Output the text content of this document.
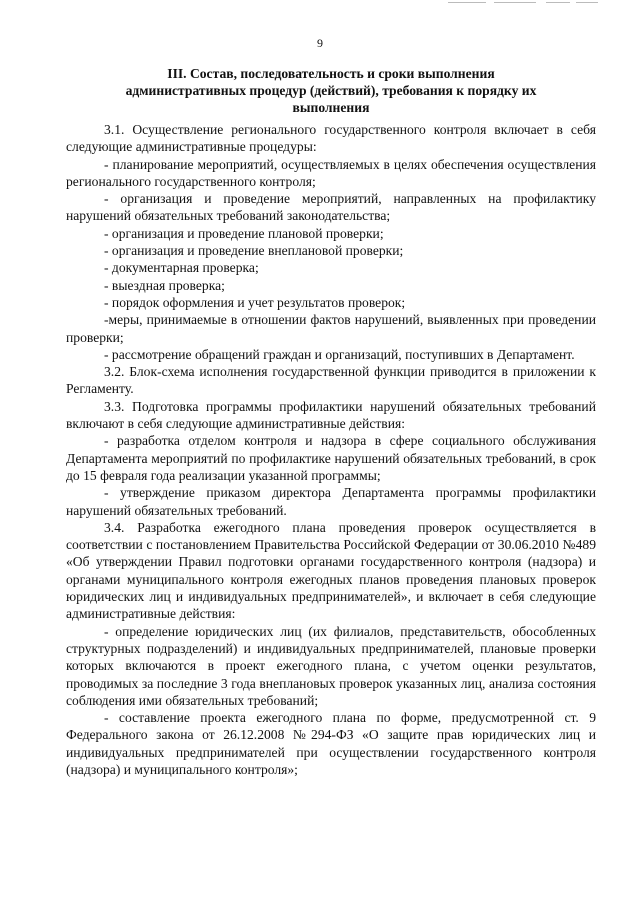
9
III. Состав, последовательность и сроки выполнения
административных процедур (действий), требования к порядку их
выполнения

3.1. Осуществление регионального государственного контроля включает в себя следующие административные процедуры:

- планирование мероприятий, осуществляемых в целях обеспечения осуществления регионального государственного контроля;

- организация и проведение мероприятий, направленных на профилактику нарушений обязательных требований законодательства;

- организация и проведение плановой проверки;

- организация и проведение внеплановой проверки;

- документарная проверка;

- выездная проверка;

- порядок оформления и учет результатов проверок;

-меры, принимаемые в отношении фактов нарушений, выявленных при проведении проверки;

- рассмотрение обращений граждан и организаций, поступивших в Департамент.

3.2. Блок-схема исполнения государственной функции приводится в приложении к Регламенту.

3.3. Подготовка программы профилактики нарушений обязательных требований включают в себя следующие административные действия:

- разработка отделом контроля и надзора в сфере социального обслуживания Департамента мероприятий по профилактике нарушений обязательных требований, в срок до 15 февраля года реализации указанной программы;

- утверждение приказом директора Департамента программы профилактики нарушений обязательных требований.

3.4. Разработка ежегодного плана проведения проверок осуществляется в соответствии с постановлением Правительства Российской Федерации от 30.06.2010 №489 «Об утверждении Правил подготовки органами государственного контроля (надзора) и органами муниципального контроля ежегодных планов проведения плановых проверок юридических лиц и индивидуальных предпринимателей», и включает в себя следующие административные действия:

- определение юридических лиц (их филиалов, представительств, обособленных структурных подразделений) и индивидуальных предпринимателей, плановые проверки которых включаются в проект ежегодного плана, с учетом оценки результатов, проводимых за последние 3 года внеплановых проверок указанных лиц, анализа состояния соблюдения ими обязательных требований;

- составление проекта ежегодного плана по форме, предусмотренной ст. 9 Федерального закона от 26.12.2008 №294-ФЗ «О защите прав юридических лиц и индивидуальных предпринимателей при осуществлении государственного контроля (надзора) и муниципального контроля»;
